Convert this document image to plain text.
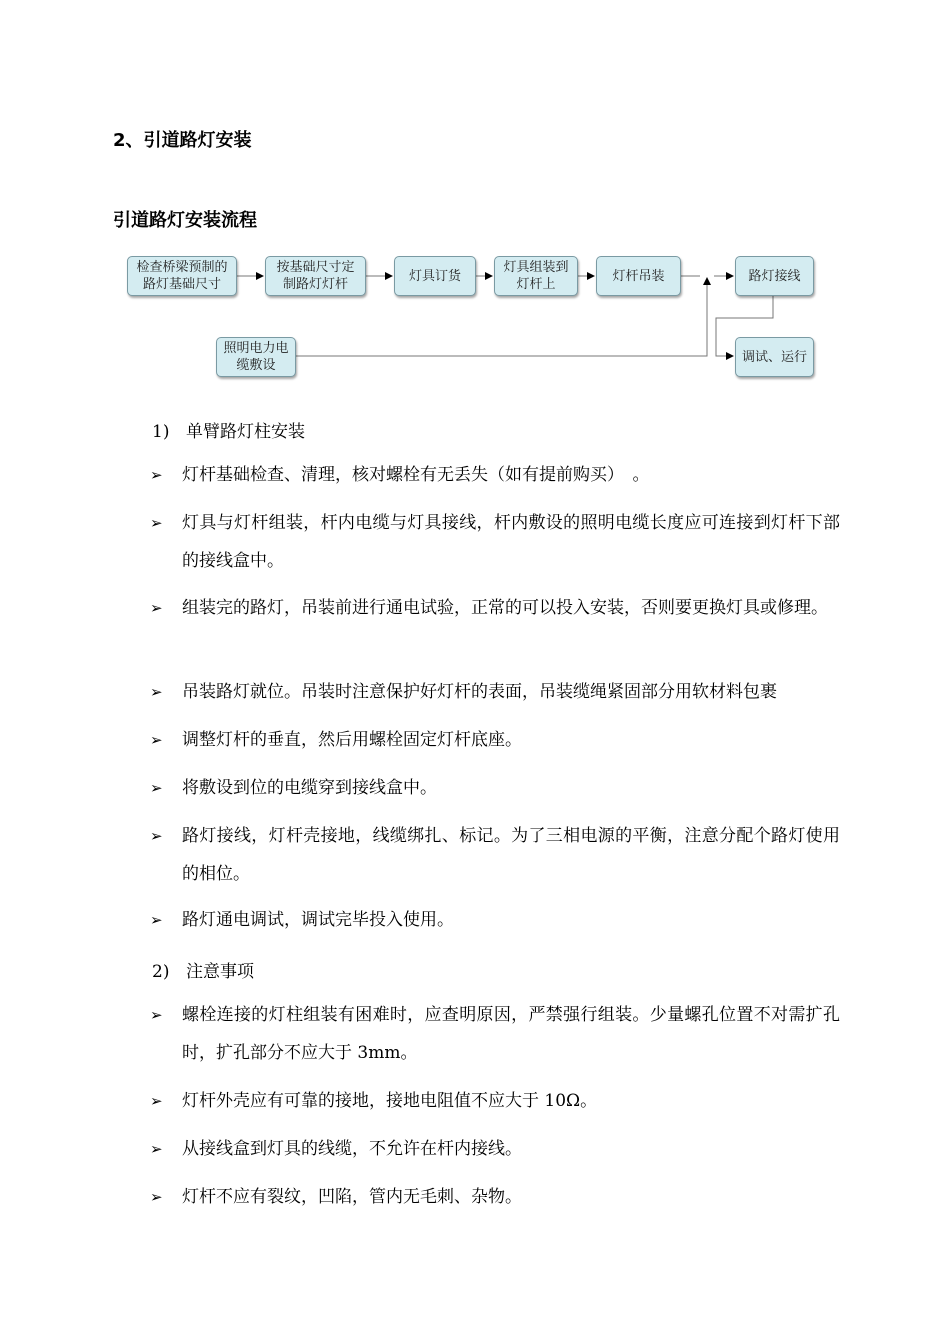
2、引道路灯安装
引道路灯安装流程
检查桥梁预制的
路灯基础尺寸
按基础尺寸定
制路灯灯杆
灯具订货
灯具组装到
灯杆上
灯杆吊装	路灯接线
照明电力电
缆敷设
调试、运行

1) 单臂路灯柱安装

➢	灯杆基础检查、清理，核对螺栓有无丢失（如有提前购买）　。

➢	灯具与灯杆组装，杆内电缆与灯具接线，杆内敷设的照明电缆长度应可连接到灯杆下部的接线盒中。

➢	组装完的路灯，吊装前进行通电试验，正常的可以投入安装，否则要更换灯具或修理。

➢	吊装路灯就位。吊装时注意保护好灯杆的表面，吊装缆绳紧固部分用软材料包裹

➢	调整灯杆的垂直，然后用螺栓固定灯杆底座。

➢	将敷设到位的电缆穿到接线盒中。

➢	路灯接线，灯杆壳接地，线缆绑扎、标记。为了三相电源的平衡，注意分配个路灯使用的相位。

➢	路灯通电调试，调试完毕投入使用。

2) 注意事项

➢	螺栓连接的灯柱组装有困难时，应查明原因，严禁强行组装。少量螺孔位置不对需扩孔时，扩孔部分不应大于 3mm。

➢	灯杆外壳应有可靠的接地，接地电阻值不应大于 10Ω。

➢	从接线盒到灯具的线缆，不允许在杆内接线。

➢	灯杆不应有裂纹，凹陷，管内无毛刺、杂物。
